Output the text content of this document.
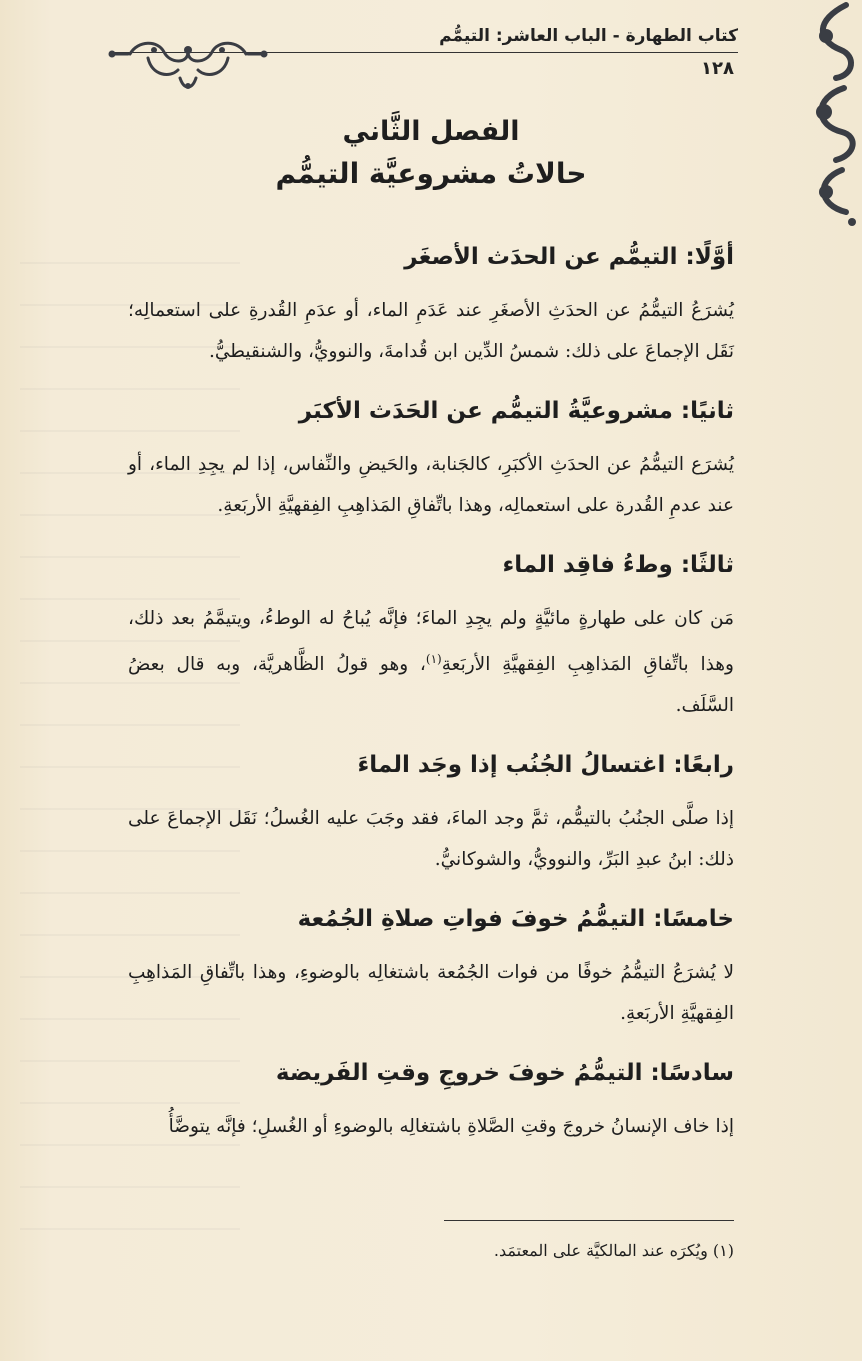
كتاب الطهارة - الباب العاشر: التيمُّم
١٢٨
الفصل الثَّاني
حالاتُ مشروعيَّة التيمُّم
أوَّلًا: التيمُّم عن الحدَث الأصغَر

يُشرَعُ التيمُّمُ عن الحدَثِ الأصغَرِ عند عَدَمِ الماء، أو عدَمِ القُدرةِ على استعمالِه؛ نَقَل الإجماعَ على ذلك: شمسُ الدِّين ابن قُدامةَ، والنوويُّ، والشنقيطيُّ.

ثانيًا: مشروعيَّةُ التيمُّم عن الحَدَث الأكبَر

يُشرَع التيمُّمُ عن الحدَثِ الأكبَرِ، كالجَنابة، والحَيضِ والنِّفاس، إذا لم يجِدِ الماء، أو عند عدمِ القُدرة على استعمالِه، وهذا باتِّفاقِ المَذاهِبِ الفِقهيَّةِ الأربَعةِ.

ثالثًا: وطءُ فاقِد الماء

مَن كان على طهارةٍ مائيَّةٍ ولم يجِدِ الماءَ؛ فإنَّه يُباحُ له الوطءُ، ويتيمَّمُ بعد ذلك، وهذا باتِّفاقِ المَذاهِبِ الفِقهيَّةِ الأربَعةِ$^{(١)}$، وهو قولُ الظَّاهريَّة، وبه قال بعضُ السَّلَف.

رابعًا: اغتسالُ الجُنُب إذا وجَد الماءَ

إذا صلَّى الجنُبُ بالتيمُّم، ثمَّ وجد الماءَ، فقد وجَبَ عليه الغُسلُ؛ نَقَل الإجماعَ على ذلك: ابنُ عبدِ البَرِّ، والنوويُّ، والشوكانيُّ.

خامسًا: التيمُّمُ خوفَ فواتِ صلاةِ الجُمُعة

لا يُشرَعُ التيمُّمُ خوفًا من فوات الجُمُعة باشتغالِه بالوضوءِ، وهذا باتِّفاقِ المَذاهِبِ الفِقهيَّةِ الأربَعةِ.

سادسًا: التيمُّمُ خوفَ خروجِ وقتِ الفَريضة

إذا خاف الإنسانُ خروجَ وقتِ الصَّلاةِ باشتغالِه بالوضوءِ أو الغُسلِ؛ فإنَّه يتوضَّأُ

(١) ويُكرَه عند المالكيَّة على المعتمَد.
